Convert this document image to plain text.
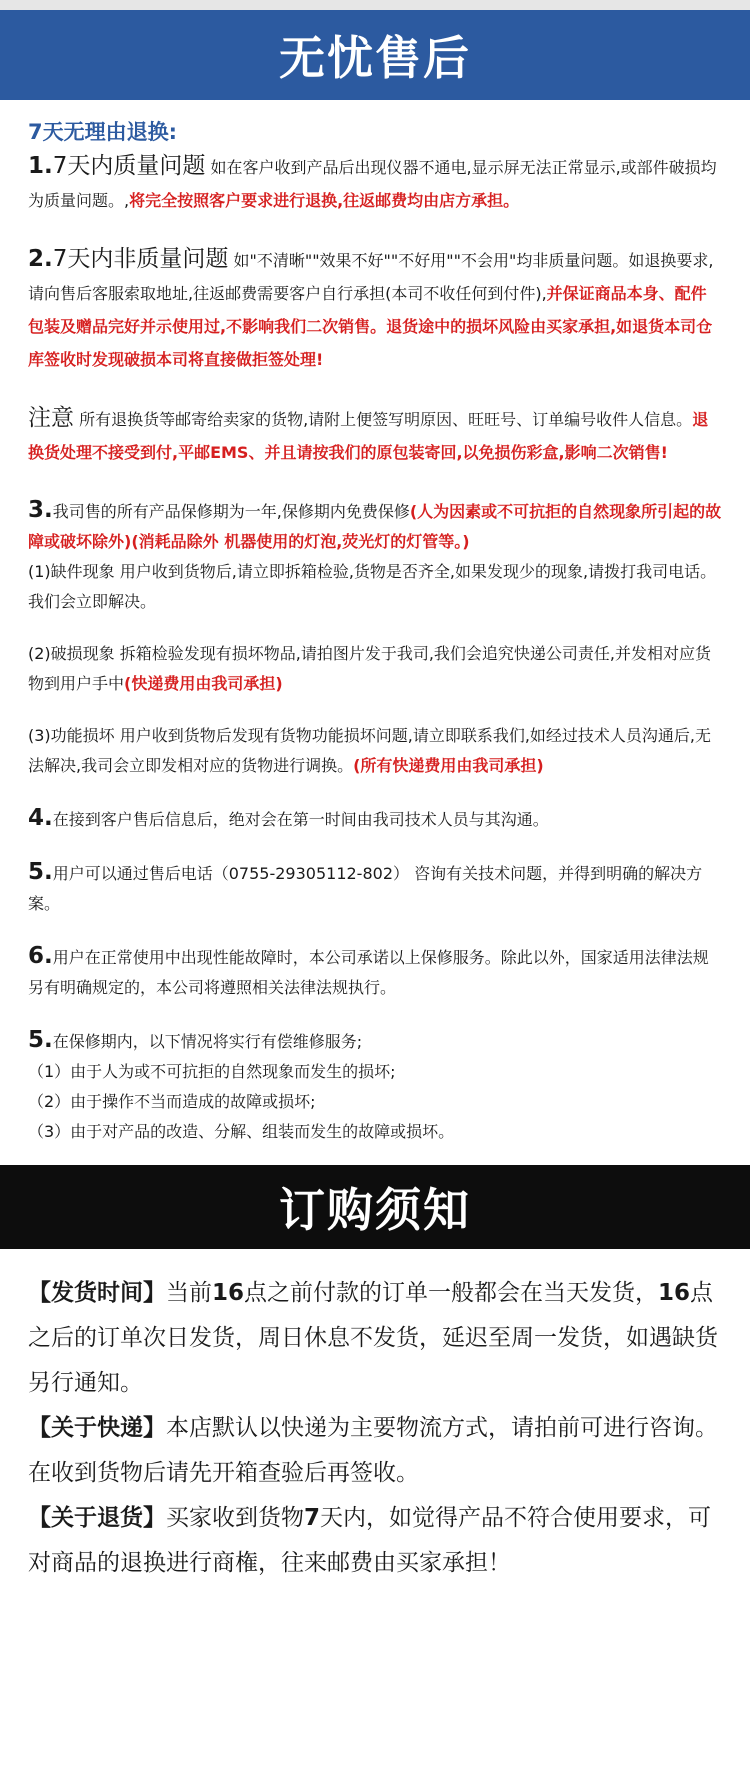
无忧售后
7天无理由退换:

1.7天内质量问题 如在客户收到产品后出现仪器不通电,显示屏无法正常显示,或部件破损均为质量问题。,将完全按照客户要求进行退换,往返邮费均由店方承担。

2.7天内非质量问题 如"不清晰""效果不好""不好用""不会用"均非质量问题。如退换要求,请向售后客服索取地址,往返邮费需要客户自行承担(本司不收任何到付件),并保证商品本身、配件包装及赠品完好并示使用过,不影响我们二次销售。退货途中的损坏风险由买家承担,如退货本司仓库签收时发现破损本司将直接做拒签处理!

注意 所有退换货等邮寄给卖家的货物,请附上便签写明原因、旺旺号、订单编号收件人信息。退换货处理不接受到付,平邮EMS、并且请按我们的原包装寄回,以免损伤彩盒,影响二次销售!

3.我司售的所有产品保修期为一年,保修期内免费保修(人为因素或不可抗拒的自然现象所引起的故障或破坏除外)(消耗品除外 机器使用的灯泡,荧光灯的灯管等。)

(1)缺件现象 用户收到货物后,请立即拆箱检验,货物是否齐全,如果发现少的现象,请拨打我司电话。我们会立即解决。

(2)破损现象 拆箱检验发现有损坏物品,请拍图片发于我司,我们会追究快递公司责任,并发相对应货物到用户手中(快递费用由我司承担)

(3)功能损坏 用户收到货物后发现有货物功能损坏问题,请立即联系我们,如经过技术人员沟通后,无法解决,我司会立即发相对应的货物进行调换。(所有快递费用由我司承担)

4.在接到客户售后信息后，绝对会在第一时间由我司技术人员与其沟通。

5.用户可以通过售后电话（0755-29305112-802） 咨询有关技术问题，并得到明确的解决方案。

6.用户在正常使用中出现性能故障时，本公司承诺以上保修服务。除此以外，国家适用法律法规另有明确规定的，本公司将遵照相关法律法规执行。

5.在保修期内，以下情况将实行有偿维修服务;

（1）由于人为或不可抗拒的自然现象而发生的损坏;

（2）由于操作不当而造成的故障或损坏;

（3）由于对产品的改造、分解、组装而发生的故障或损坏。

订购须知

【发货时间】当前16点之前付款的订单一般都会在当天发货，16点之后的订单次日发货，周日休息不发货，延迟至周一发货，如遇缺货另行通知。

【关于快递】本店默认以快递为主要物流方式，请拍前可进行咨询。在收到货物后请先开箱查验后再签收。

【关于退货】买家收到货物7天内，如觉得产品不符合使用要求，可对商品的退换进行商権，往来邮费由买家承担！
